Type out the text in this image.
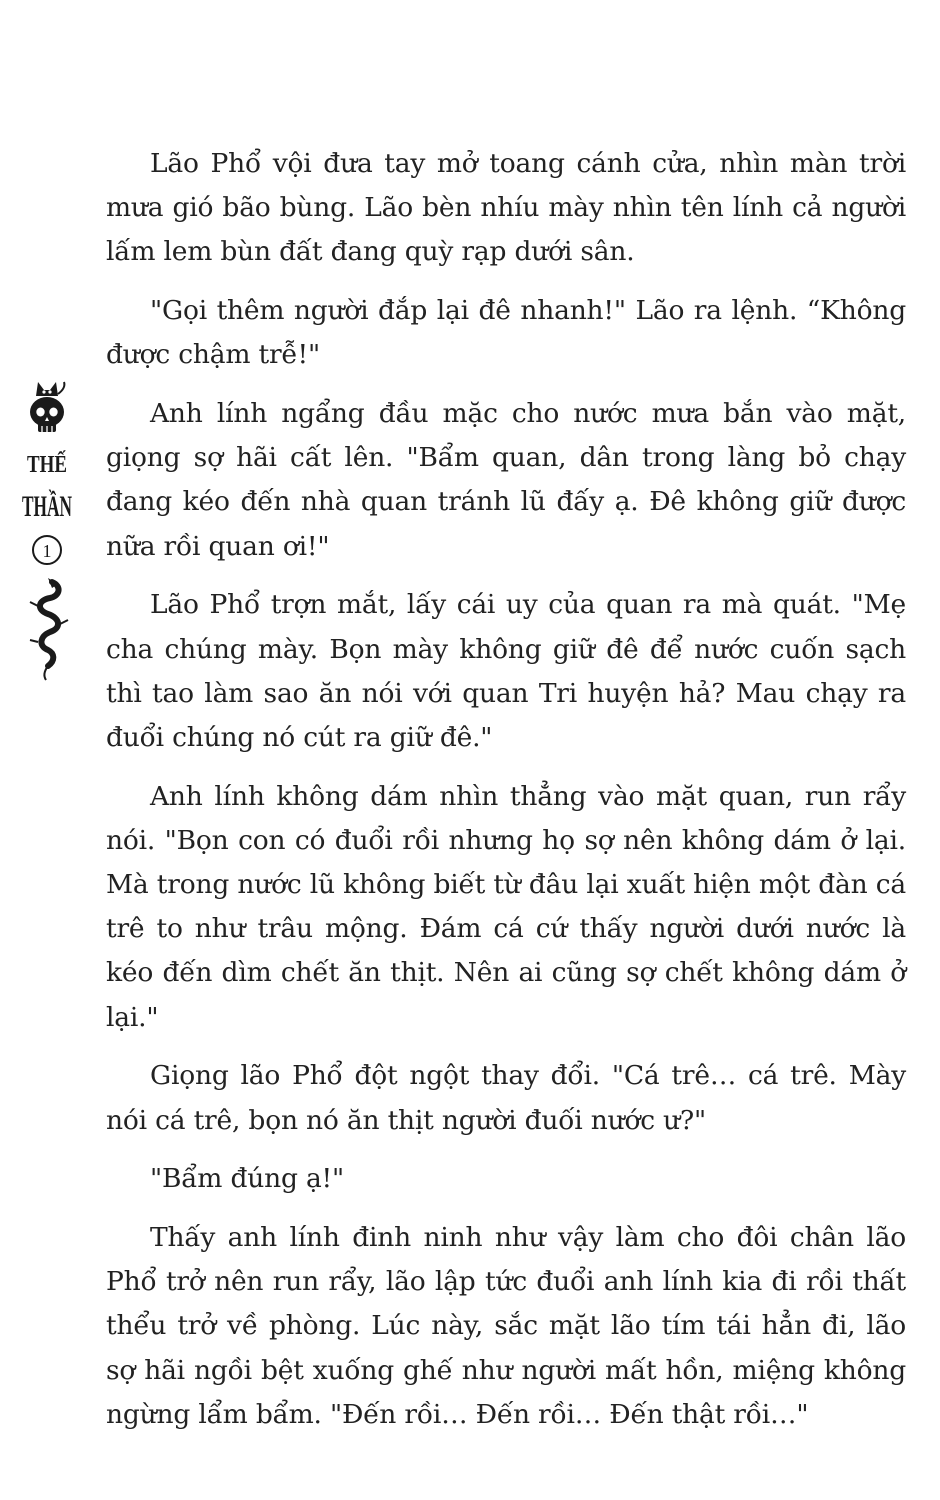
THẾ
THẦN
1

Lão Phổ vội đưa tay mở toang cánh cửa, nhìn màn trời mưa gió bão bùng. Lão bèn nhíu mày nhìn tên lính cả người lấm lem bùn đất đang quỳ rạp dưới sân.

"Gọi thêm người đắp lại đê nhanh!" Lão ra lệnh. “Không được chậm trễ!"

Anh lính ngẩng đầu mặc cho nước mưa bắn vào mặt, giọng sợ hãi cất lên. "Bẩm quan, dân trong làng bỏ chạy đang kéo đến nhà quan tránh lũ đấy ạ. Đê không giữ được nữa rồi quan ơi!"

Lão Phổ trợn mắt, lấy cái uy của quan ra mà quát. "Mẹ cha chúng mày. Bọn mày không giữ đê để nước cuốn sạch thì tao làm sao ăn nói với quan Tri huyện hả? Mau chạy ra đuổi chúng nó cút ra giữ đê."

Anh lính không dám nhìn thẳng vào mặt quan, run rẩy nói. "Bọn con có đuổi rồi nhưng họ sợ nên không dám ở lại. Mà trong nước lũ không biết từ đâu lại xuất hiện một đàn cá trê to như trâu mộng. Đám cá cứ thấy người dưới nước là kéo đến dìm chết ăn thịt. Nên ai cũng sợ chết không dám ở lại."

Giọng lão Phổ đột ngột thay đổi. "Cá trê… cá trê. Mày nói cá trê, bọn nó ăn thịt người đuối nước ư?"

"Bẩm đúng ạ!"

Thấy anh lính đinh ninh như vậy làm cho đôi chân lão Phổ trở nên run rẩy, lão lập tức đuổi anh lính kia đi rồi thất thểu trở về phòng. Lúc này, sắc mặt lão tím tái hẳn đi, lão sợ hãi ngồi bệt xuống ghế như người mất hồn, miệng không ngừng lẩm bẩm. "Đến rồi… Đến rồi… Đến thật rồi…"
